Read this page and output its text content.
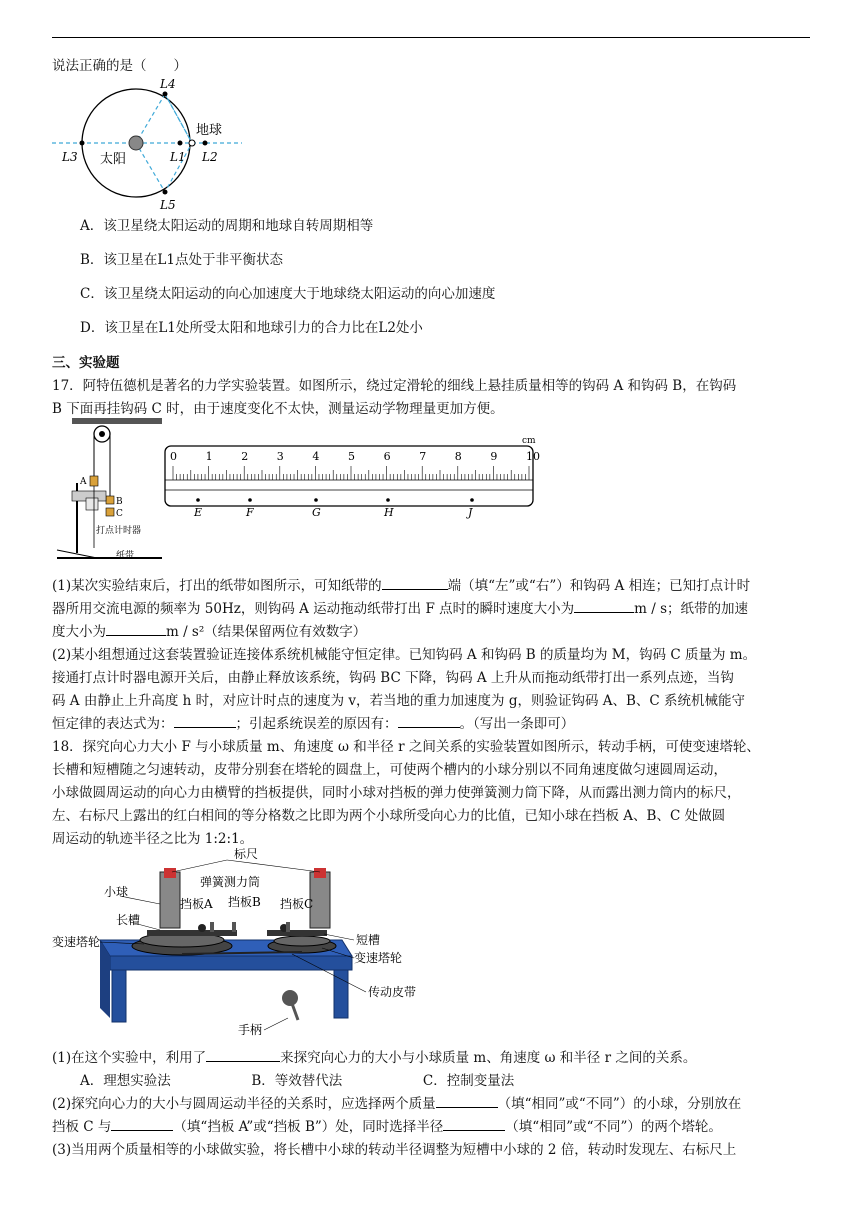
说法正确的是（　　）
L4
L5
L3	L1 L2
太阳
地球
A．该卫星绕太阳运动的周期和地球自转周期相等
B．该卫星在L1点处于非平衡状态
C．该卫星绕太阳运动的向心加速度大于地球绕太阳运动的向心加速度
D．该卫星在L1处所受太阳和地球引力的合力比在L2处小
三、实验题
17．阿特伍德机是著名的力学实验装置。如图所示，绕过定滑轮的细线上悬挂质量相等的钩码 A 和钩码 B，在钩码
B 下面再挂钩码 C 时，由于速度变化不太快，测量运动学物理量更加方便。
A
B
C
打点计时器
纸带
cm
0	1	2	3	4	5	6	7	8	9	10
E	F	G	H	J
(1)某次实验结束后，打出的纸带如图所示，可知纸带的	端（填“左”或“右”）和钩码 A 相连；已知打点计时
器所用交流电源的频率为 50Hz，则钩码 A 运动拖动纸带打出 F 点时的瞬时速度大小为	m / s；纸带的加速
度大小为	m / s²（结果保留两位有效数字）
(2)某小组想通过这套装置验证连接体系统机械能守恒定律。已知钩码 A 和钩码 B 的质量均为 M，钩码 C 质量为 m。
接通打点计时器电源开关后，由静止释放该系统，钩码 BC 下降，钩码 A 上升从而拖动纸带打出一系列点迹，当钩
码 A 由静止上升高度 h 时，对应计时点的速度为 v，若当地的重力加速度为 g，则验证钩码 A、B、C 系统机械能守
恒定律的表达式为：	；引起系统误差的原因有：	。（写出一条即可）
18．探究向心力大小 F 与小球质量 m、角速度 ω 和半径 r 之间关系的实验装置如图所示，转动手柄，可使变速塔轮、
长槽和短槽随之匀速转动，皮带分别套在塔轮的圆盘上，可使两个槽内的小球分别以不同角速度做匀速圆周运动，
小球做圆周运动的向心力由横臂的挡板提供，同时小球对挡板的弹力使弹簧测力筒下降，从而露出测力筒内的标尺，
左、右标尺上露出的红白相间的等分格数之比即为两个小球所受向心力的比值，已知小球在挡板 A、B、C 处做圆
周运动的轨迹半径之比为 1:2:1。
标尺
弹簧测力筒
小球
挡板A 挡板B 挡板C
长槽
变速塔轮	短槽
变速塔轮
传动皮带
手柄
(1)在这个实验中，利用了	来探究向心力的大小与小球质量 m、角速度 ω 和半径 r 之间的关系。
A．理想实验法	B．等效替代法	C．控制变量法
(2)探究向心力的大小与圆周运动半径的关系时，应选择两个质量	（填“相同”或“不同”）的小球，分别放在
挡板 C 与	（填“挡板 A”或“挡板 B”）处，同时选择半径	（填“相同”或“不同”）的两个塔轮。
(3)当用两个质量相等的小球做实验，将长槽中小球的转动半径调整为短槽中小球的 2 倍，转动时发现左、右标尺上
